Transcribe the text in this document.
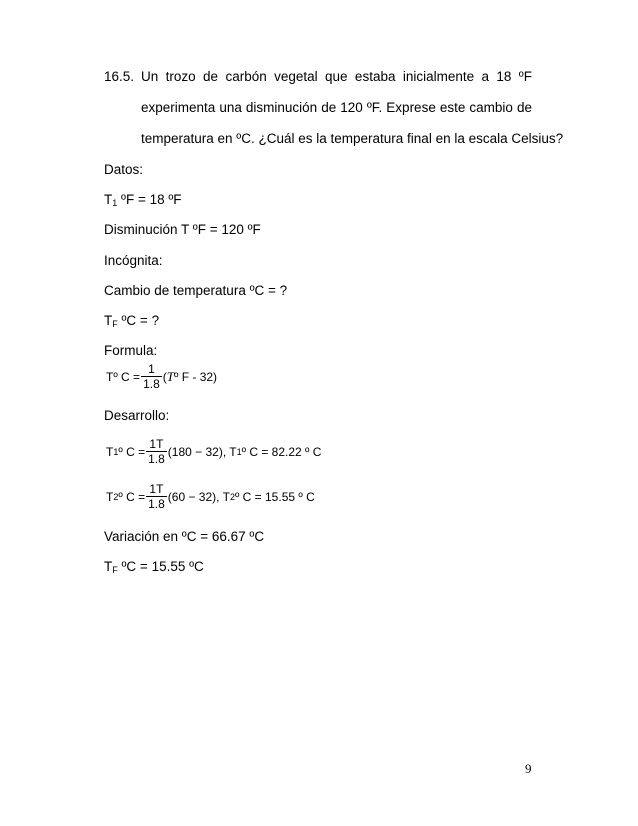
16.5. Un trozo de carbón vegetal que estaba inicialmente a 18 ºF
experimenta una disminución de 120 ºF. Exprese este cambio de
temperatura en ºC. ¿Cuál es la temperatura final en la escala Celsius?
Datos:
$T_1$ ºF = 18 ºF
Disminución T ºF = 120 ºF
Incógnita:
Cambio de temperatura ºC = ?
$T_F$ ºC = ?
Formula:
Tº $C = \frac{1}{1.8}$ ( T º F - 32)
Desarrollo:
T 1 º $C = \frac{1T}{1.8} (180 - 32)$, T 1 º C = 82.22 º C
T 2 º $C = \frac{1T}{1.8} (60 - 32)$, T 2 º C = 15.55 º C
Variación en ºC = 66.67 ºC
$T_F$ ºC = 15.55 ºC
9
